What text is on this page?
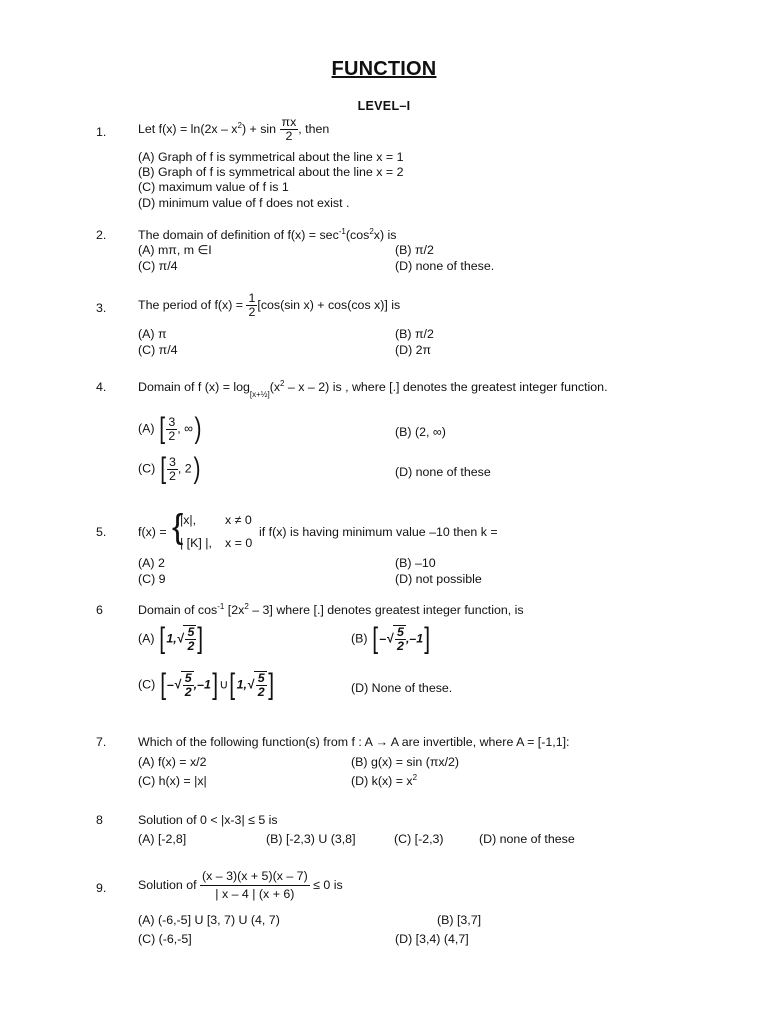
FUNCTION
LEVEL–I
1.	Let $f(x) = \ln(2x - x^2) + \sin \frac{\pi x}{2}$ , then
(A) Graph of f is symmetrical about the line x = 1
(B) Graph of f is symmetrical about the line x = 2
(C) maximum value of f is 1
(D) minimum value of f does not exist .
2.	The domain of definition of $f(x) = \sec^{-1}(\cos^2x)$ is
(A) mπ, m ∈I	(B) π/2
(C) π/4	(D) none of these.
3.	The period of $f(x) = \frac{1}{2} [\cos(\sin$ x) + cos(cos x)] is
(A) π	(B) π/2
(C) π/4	(D) 2π
4.	Domain of f $(x) = \log_{[x+\frac{1}{2}]}(x^2 - x - 2)$ is , where [.] denotes the greatest integer function.
(A) [ $\frac{3}{2}$ , ∞)	(B) (2, ∞)
(C) [ $\frac{3}{2}$ , 2)	(D) none of these
5.	f(x) = {
|x|, x ≠ 0
| [K] |, x = 0
if f(x) is having minimum value –10 then k =
(A) 2	(B) –10
(C) 9	(D) not possible
6	Domain of $\cos^{-1} [2x^2 - 3]$ where [.] denotes greatest integer function, is
(A) [$1,√ \frac{5}{2}$ ]	(B) [–√ $\frac{5}{2} ,-1$]
(C) [–√ $\frac{5}{2}$ ,–1]∪[1,√ $\frac{5}{2}$ ]	(D) None of these.
7.	Which of the following function(s) from f : A → A are invertible, where A = [-1,1]:
(A) f(x) = x/2	(B) g(x) = sin (πx/2)
(C) h(x) = |x|	(D) $k(x) = x^2$
8	Solution of 0 < |x-3| ≤ 5 is
(A) [-2,8]	(B) [-2,3) U (3,8]	(C) [-2,3)	(D) none of these
9.	Solution of $\frac{(x - 3)(x + 5)(x - 7)}{| x - 4 | (x + 6)} \le 0$ is
(A) (-6,-5] U [3, 7) U (4, 7)	(B) [3,7]
(C) (-6,-5]	(D) [3,4) (4,7]
